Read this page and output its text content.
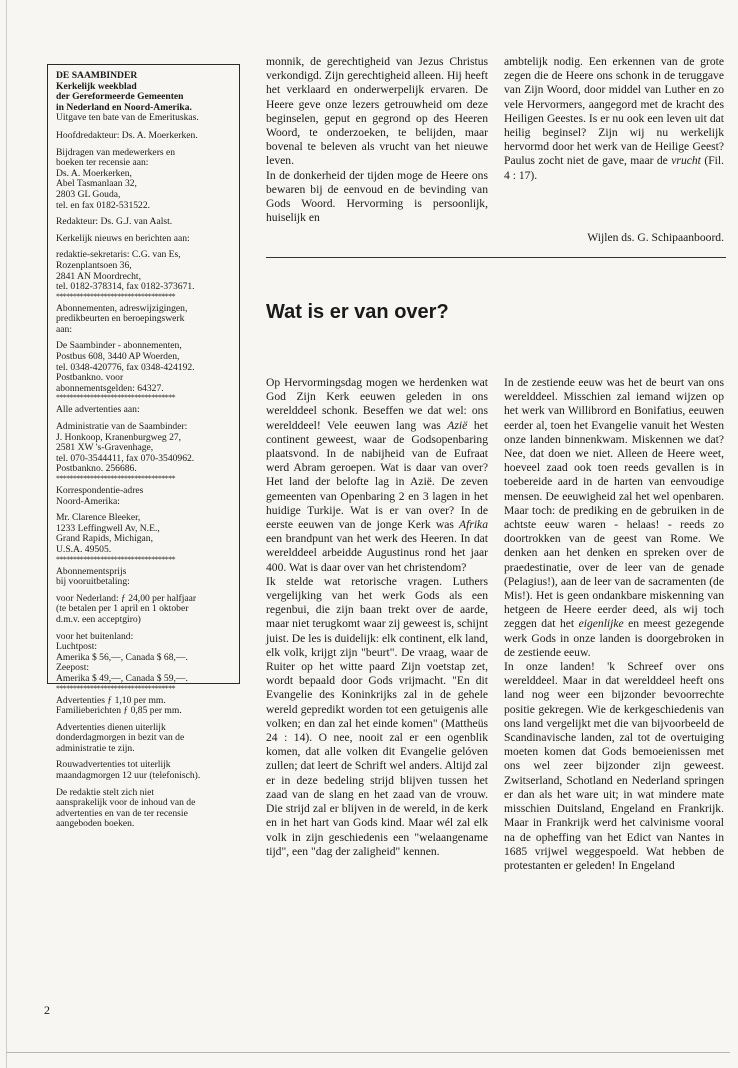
DE SAAMBINDER
Kerkelijk weekblad
der Gereformeerde Gemeenten
in Nederland en Noord-Amerika.
Uitgave ten bate van de Emerituskas.
Hoofdredakteur: Ds. A. Moerkerken.
Bijdragen van medewerkers en
boeken ter recensie aan:
Ds. A. Moerkerken,
Abel Tasmanlaan 32,
2803 GL Gouda,
tel. en fax 0182-531522.
Redakteur: Ds. G.J. van Aalst.
Kerkelijk nieuws en berichten aan:
redaktie-sekretaris: C.G. van Es,
Rozenplantsoen 36,
2841 AN Moordrecht,
tel. 0182-378314, fax 0182-373671.
***********************************
Abonnementen, adreswijzigingen,
predikbeurten en beroepingswerk
aan:
De Saambinder - abonnementen,
Postbus 608, 3440 AP Woerden,
tel. 0348-420776, fax 0348-424192.
Postbankno. voor
abonnementsgelden: 64327.
***********************************
Alle advertenties aan:
Administratie van de Saambinder:
J. Honkoop, Kranenburgweg 27,
2581 XW 's-Gravenhage,
tel. 070-3544411, fax 070-3540962.
Postbankno. 256686.
***********************************
Korrespondentie-adres
Noord-Amerika:
Mr. Clarence Bleeker,
1233 Leffingwell Av, N.E.,
Grand Rapids, Michigan,
U.S.A. 49505.
***********************************
Abonnementsprijs
bij vooruitbetaling:
voor Nederland: ƒ 24,00 per halfjaar
(te betalen per 1 april en 1 oktober
d.m.v. een acceptgiro)
voor het buitenland:
Luchtpost:
Amerika $ 56,—, Canada $ 68,—.
Zeepost:
Amerika $ 49,—, Canada $ 59,—.
***********************************
Advertenties ƒ 1,10 per mm.
Familieberichten ƒ 0,85 per mm.
Advertenties dienen uiterlijk
donderdagmorgen in bezit van de
administratie te zijn.
Rouwadvertenties tot uiterlijk
maandagmorgen 12 uur (telefonisch).
De redaktie stelt zich niet
aansprakelijk voor de inhoud van de
advertenties en van de ter recensie
aangeboden boeken.

monnik, de gerechtigheid van Jezus Christus verkondigd. Zijn gerechtigheid alleen. Hij heeft het verklaard en onderwerpelijk ervaren. De Heere geve onze lezers getrouwheid om deze beginselen, geput en gegrond op des Heeren Woord, te onderzoeken, te belijden, maar bovenal te beleven als vrucht van het nieuwe leven.

In de donkerheid der tijden moge de Heere ons bewaren bij de eenvoud en de bevinding van Gods Woord. Hervorming is persoonlijk, huiselijk en

ambtelijk nodig. Een erkennen van de grote zegen die de Heere ons schonk in de teruggave van Zijn Woord, door middel van Luther en zo vele Hervormers, aangegord met de kracht des Heiligen Geestes. Is er nu ook een leven uit dat heilig beginsel? Zijn wij nu werkelijk hervormd door het werk van de Heilige Geest? Paulus zocht niet de gave, maar de vrucht (Fil. 4 : 17).

Wijlen ds. G. Schipaanboord.
Wat is er van over?

Op Hervormingsdag mogen we herdenken wat God Zijn Kerk eeuwen geleden in ons werelddeel schonk. Beseffen we dat wel: ons werelddeel! Vele eeuwen lang was Azië het continent geweest, waar de Godsopenbaring plaatsvond. In de nabijheid van de Eufraat werd Abram geroepen. Wat is daar van over? Het land der belofte lag in Azië. De zeven gemeenten van Openbaring 2 en 3 lagen in het huidige Turkije. Wat is er van over? In de eerste eeuwen van de jonge Kerk was Afrika een brandpunt van het werk des Heeren. In dat werelddeel arbeidde Augustinus rond het jaar 400. Wat is daar over van het christendom?

Ik stelde wat retorische vragen. Luthers vergelijking van het werk Gods als een regenbui, die zijn baan trekt over de aarde, maar niet terugkomt waar zij geweest is, schijnt juist. De les is duidelijk: elk continent, elk land, elk volk, krijgt zijn "beurt". De vraag, waar de Ruiter op het witte paard Zijn voetstap zet, wordt bepaald door Gods vrijmacht. "En dit Evangelie des Koninkrijks zal in de gehele wereld gepredikt worden tot een getuigenis alle volken; en dan zal het einde komen" (Mattheüs 24 : 14). O nee, nooit zal er een ogenblik komen, dat alle volken dit Evangelie gelóven zullen; dat leert de Schrift wel anders. Altijd zal er in deze bedeling strijd blijven tussen het zaad van de slang en het zaad van de vrouw. Die strijd zal er blijven in de wereld, in de kerk en in het hart van Gods kind. Maar wél zal elk volk in zijn geschiedenis een "welaangename tijd", een "dag der zaligheid" kennen.

In de zestiende eeuw was het de beurt van ons werelddeel. Misschien zal iemand wijzen op het werk van Willibrord en Bonifatius, eeuwen eerder al, toen het Evangelie vanuit het Westen onze landen binnenkwam. Miskennen we dat? Nee, dat doen we niet. Alleen de Heere weet, hoeveel zaad ook toen reeds gevallen is in toebereide aard in de harten van eenvoudige mensen. De eeuwigheid zal het wel openbaren. Maar toch: de prediking en de gebruiken in de achtste eeuw waren - helaas! - reeds zo doortrokken van de geest van Rome. We denken aan het denken en spreken over de praedestinatie, over de leer van de genade (Pelagius!), aan de leer van de sacramenten (de Mis!). Het is geen ondankbare miskenning van hetgeen de Heere eerder deed, als wij toch zeggen dat het eigenlijke en meest gezegende werk Gods in onze landen is doorgebroken in de zestiende eeuw.

In onze landen! 'k Schreef over ons werelddeel. Maar in dat werelddeel heeft ons land nog weer een bijzonder bevoorrechte positie gekregen. Wie de kerkgeschiedenis van ons land vergelijkt met die van bijvoorbeeld de Scandinavische landen, zal tot de overtuiging moeten komen dat Gods bemoeienissen met ons wel zeer bijzonder zijn geweest. Zwitserland, Schotland en Nederland springen er dan als het ware uit; in wat mindere mate misschien Duitsland, Engeland en Frankrijk. Maar in Frankrijk werd het calvinisme vooral na de opheffing van het Edict van Nantes in 1685 vrijwel weggespoeld. Wat hebben de protestanten er geleden! In Engeland

2
